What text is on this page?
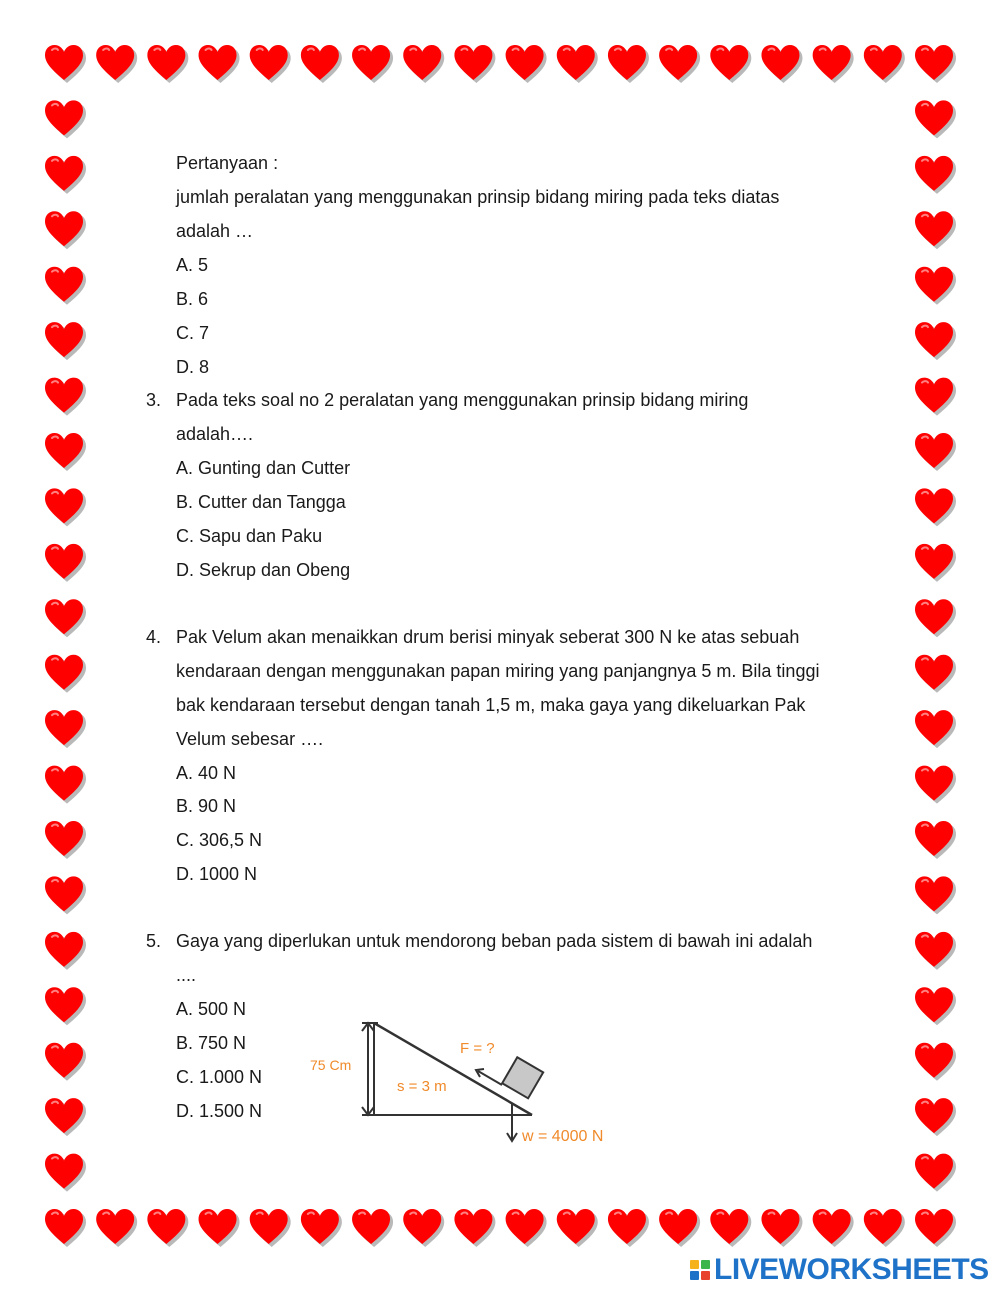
Pertanyaan :
jumlah peralatan yang menggunakan prinsip bidang miring pada teks diatas
adalah …
A. 5
B. 6
C. 7
D. 8
3. Pada teks soal no 2 peralatan yang menggunakan prinsip bidang miring
adalah….
A. Gunting dan Cutter
B. Cutter dan Tangga
C. Sapu dan Paku
D. Sekrup dan Obeng
4. Pak Velum akan menaikkan drum berisi minyak seberat 300 N ke atas sebuah
kendaraan dengan menggunakan papan miring yang panjangnya 5 m. Bila tinggi
bak kendaraan tersebut dengan tanah 1,5 m, maka gaya yang dikeluarkan Pak
Velum sebesar ….
A. 40 N
B. 90 N
C. 306,5 N
D. 1000 N
5. Gaya yang diperlukan untuk mendorong beban pada sistem di bawah ini adalah
....
A. 500 N
B. 750 N
C. 1.000 N
D. 1.500 N
75 Cm
F = ?
s = 3 m
w = 4000 N
LIVEWORKSHEETS
